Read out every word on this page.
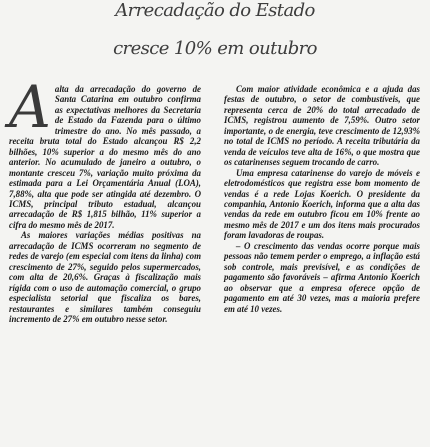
Arrecadação do Estado
cresce 10% em outubro
A alta da arrecadação do governo de Santa Catarina em outubro confirma as expectativas melhores da Secretaria de Estado da Fazenda para o último trimestre do ano. No mês passado, a receita bruta total do Estado alcançou R$ 2,2 bilhões, 10% superior a do mesmo mês do ano anterior. No acumulado de janeiro a outubro, o montante cresceu 7%, variação muito próxima da estimada para a Lei Orçamentária Anual (LOA), 7,88%, alta que pode ser atingida até dezembro. O ICMS, principal tributo estadual, alcançou arrecadação de R$ 1,815 bilhão, 11% superior a cifra do mesmo mês de 2017.

As maiores variações médias positivas na arrecadação de ICMS ocorreram no segmento de redes de varejo (em especial com itens da linha) com crescimento de 27%, seguido pelos supermercados, com alta de 20,6%. Graças à fiscalização mais rígida com o uso de automação comercial, o grupo especialista setorial que fiscaliza os bares, restaurantes e similares também conseguiu incremento de 27% em outubro nesse setor.

Com maior atividade econômica e a ajuda das festas de outubro, o setor de combustíveis, que representa cerca de 20% do total arrecadado de ICMS, registrou aumento de 7,59%. Outro setor importante, o de energia, teve crescimento de 12,93% no total de ICMS no período. A receita tributária da venda de veículos teve alta de 16%, o que mostra que os catarinenses seguem trocando de carro.

Uma empresa catarinense do varejo de móveis e eletrodomésticos que registra esse bom momento de vendas é a rede Lojas Koerich. O presidente da companhia, Antonio Koerich, informa que a alta das vendas da rede em outubro ficou em 10% frente ao mesmo mês de 2017 e um dos itens mais procurados foram lavadoras de roupas.

– O crescimento das vendas ocorre porque mais pessoas não temem perder o emprego, a inflação está sob controle, mais previsível, e as condições de pagamento são favoráveis – afirma Antonio Koerich ao observar que a empresa oferece opção de pagamento em até 30 vezes, mas a maioria prefere em até 10 vezes.
